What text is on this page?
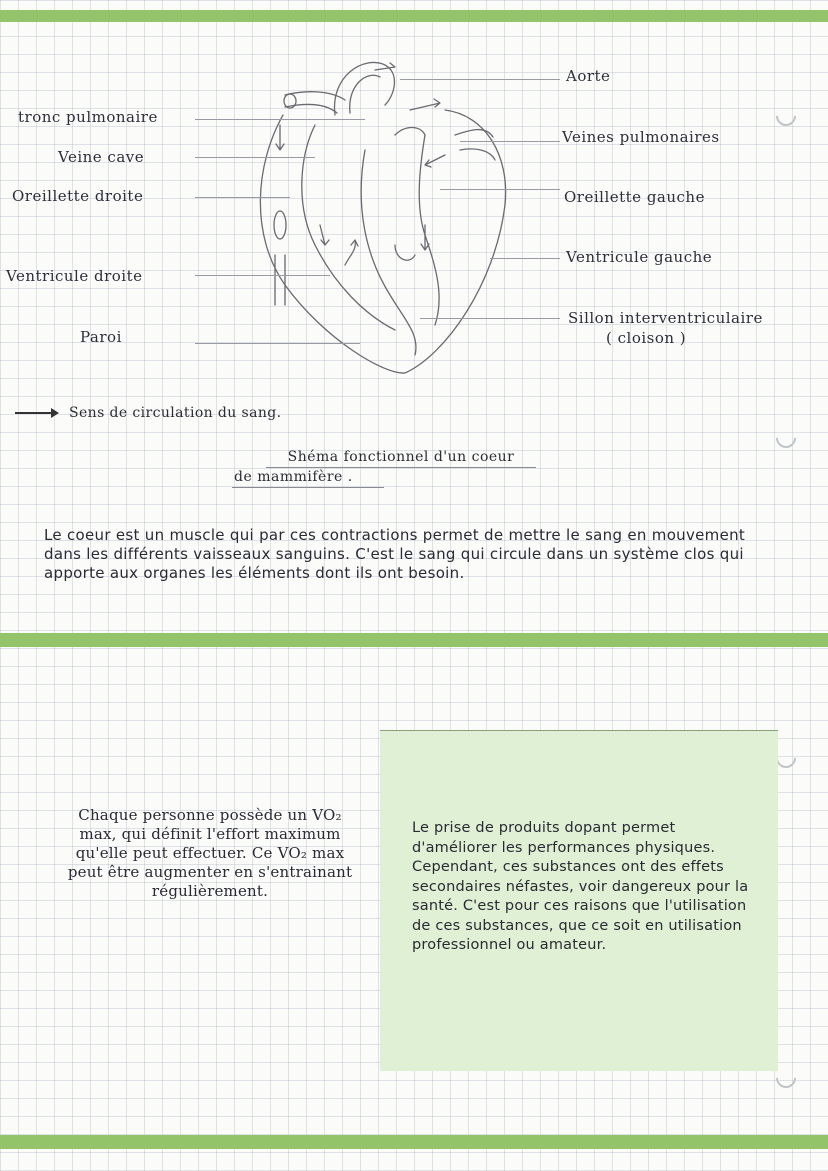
tronc pulmonaire
Veine cave
Oreillette droite
Ventricule droite
Paroi
Aorte
Veines pulmonaires
Oreillette gauche
Ventricule gauche
Sillon interventriculaire
( cloison )
Sens de circulation du sang.
Shéma fonctionnel d'un coeur
de mammifère .
Le coeur est un muscle qui par ces contractions permet de mettre le sang en mouvement dans les différents vaisseaux sanguins. C'est le sang qui circule dans un système clos qui apporte aux organes les éléments dont ils ont besoin.
Chaque personne possède un VO₂ max, qui définit l'effort maximum qu'elle peut effectuer. Ce VO₂ max peut être augmenter en s'entrainant régulièrement.
Le prise de produits dopant permet d'améliorer les performances physiques. Cependant, ces substances ont des effets secondaires néfastes, voir dangereux pour la santé. C'est pour ces raisons que l'utilisation de ces substances, que ce soit en utilisation professionnel ou amateur.
